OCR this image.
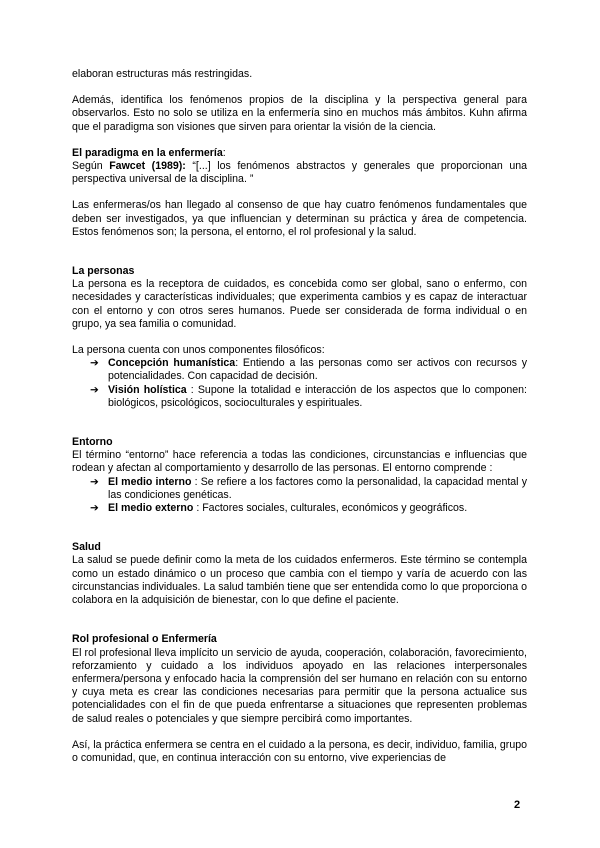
elaboran estructuras más restringidas.

Además, identifica los fenómenos propios de la disciplina y la perspectiva general para observarlos. Esto no solo se utiliza en la enfermería sino en muchos más ámbitos. Kuhn afirma que el paradigma son visiones que sirven para orientar la visión de la ciencia.

El paradigma en la enfermería:

Según Fawcet (1989): “[...] los fenómenos abstractos y generales que proporcionan una perspectiva universal de la disciplina. ”

Las enfermeras/os han llegado al consenso de que hay cuatro fenómenos fundamentales que deben ser investigados, ya que influencian y determinan su práctica y área de competencia. Estos fenómenos son; la persona, el entorno, el rol profesional y la salud.

La personas

La persona es la receptora de cuidados, es concebida como ser global, sano o enfermo, con necesidades y características individuales; que experimenta cambios y es capaz de interactuar con el entorno y con otros seres humanos. Puede ser considerada de forma individual o en grupo, ya sea familia o comunidad.

La persona cuenta con unos componentes filosóficos:

➔ Concepción humanística: Entiendo a las personas como ser activos con recursos y potencialidades. Con capacidad de decisión.
➔ Visión holística : Supone la totalidad e interacción de los aspectos que lo componen: biológicos, psicológicos, socioculturales y espirituales.

Entorno

El término “entorno” hace referencia a todas las condiciones, circunstancias e influencias que rodean y afectan al comportamiento y desarrollo de las personas. El entorno comprende :

➔ El medio interno : Se refiere a los factores como la personalidad, la capacidad mental y las condiciones genéticas.
➔ El medio externo : Factores sociales, culturales, económicos y geográficos.

Salud

La salud se puede definir como la meta de los cuidados enfermeros. Este término se contempla como un estado dinámico o un proceso que cambia con el tiempo y varía de acuerdo con las circunstancias individuales. La salud también tiene que ser entendida como lo que proporciona o colabora en la adquisición de bienestar, con lo que define el paciente.

Rol profesional o Enfermería

El rol profesional lleva implícito un servicio de ayuda, cooperación, colaboración, favorecimiento, reforzamiento y cuidado a los individuos apoyado en las relaciones interpersonales enfermera/persona y enfocado hacia la comprensión del ser humano en relación con su entorno y cuya meta es crear las condiciones necesarias para permitir que la persona actualice sus potencialidades con el fin de que pueda enfrentarse a situaciones que representen problemas de salud reales o potenciales y que siempre percibirá como importantes.

Así, la práctica enfermera se centra en el cuidado a la persona, es decir, individuo, familia, grupo o comunidad, que, en continua interacción con su entorno, vive experiencias de

2
